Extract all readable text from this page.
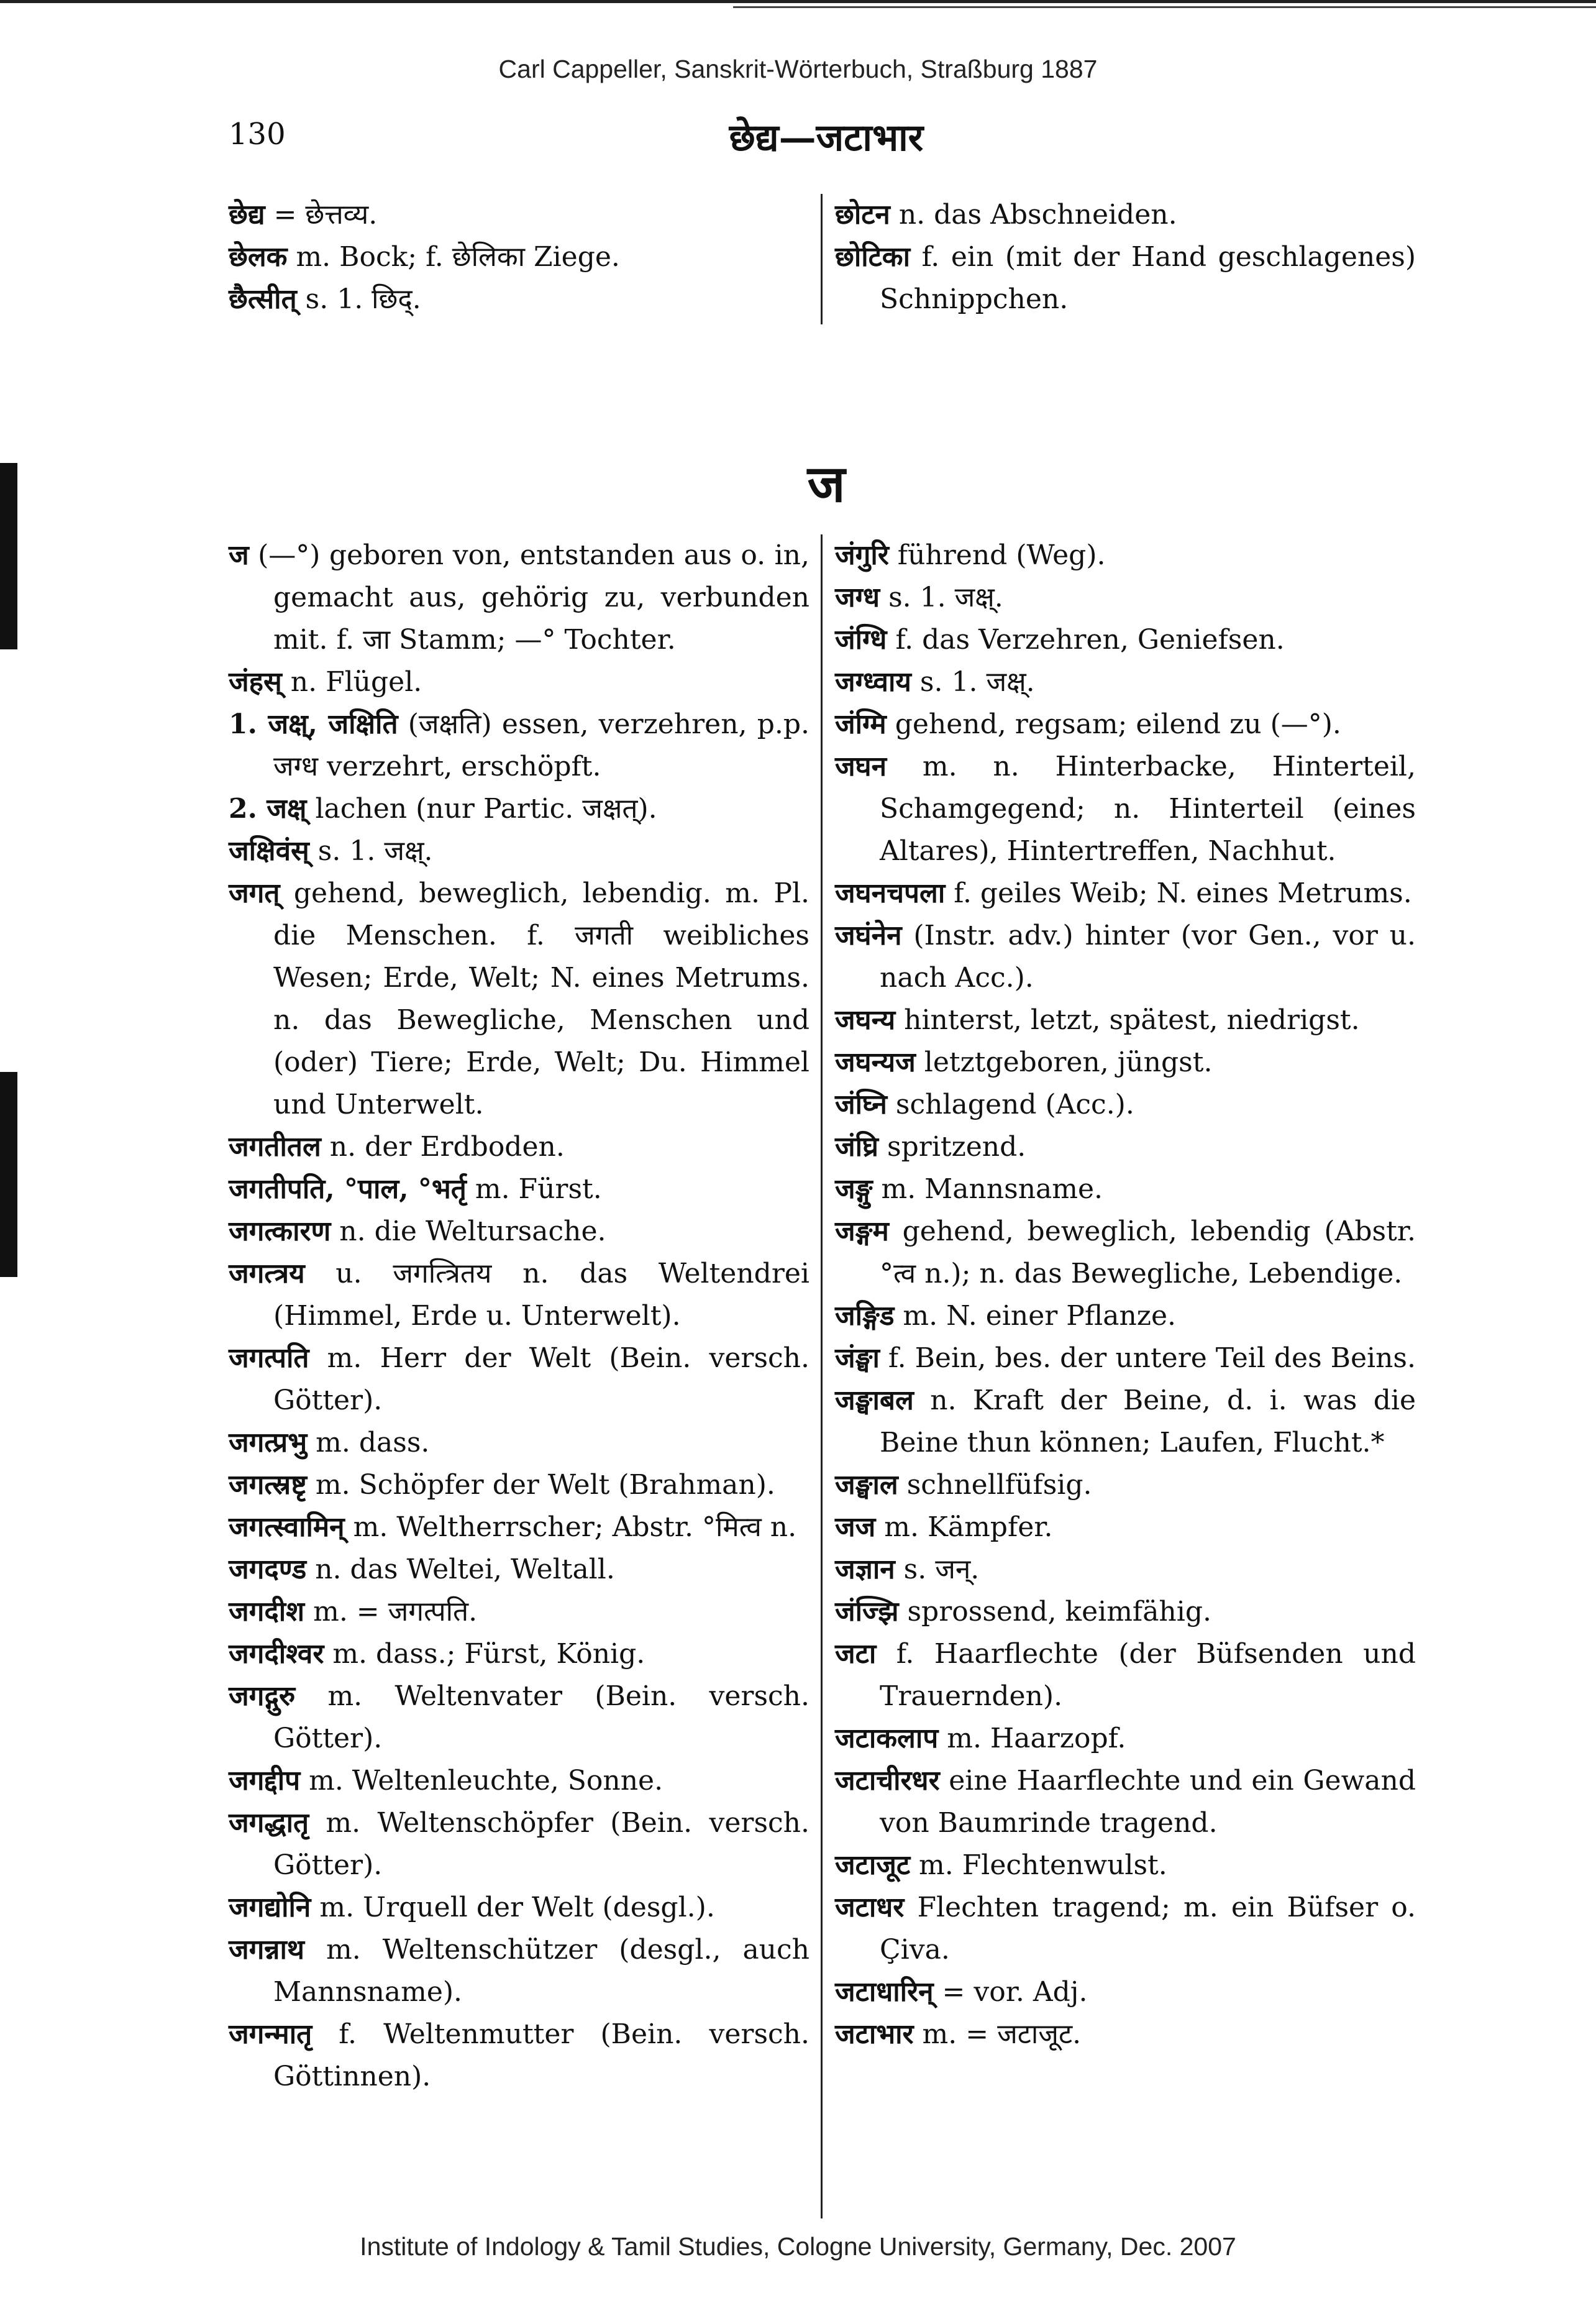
Carl Cappeller, Sanskrit-Wörterbuch, Straßburg 1887
130	छेद्य—जटाभार

छेद्य = छेत्तव्य.

छेलक m. Bock; f. छेलिका Ziege.

छैत्सीत् s. 1. छिद्.

छोटन n. das Abschneiden.

छोटिका f. ein (mit der Hand geschlagenes) Schnippchen.

ज

ज (—°) geboren von, entstanden aus o. in, gemacht aus, gehörig zu, verbunden mit. f. जा Stamm; —° Tochter.

जंहस् n. Flügel.

1. जक्ष्, जक्षिति (जक्षति) essen, verzehren, p.p. जग्ध verzehrt, erschöpft.

2. जक्ष् lachen (nur Partic. जक्षत्).

जक्षिवंस् s. 1. जक्ष्.

जगत् gehend, beweglich, lebendig. m. Pl. die Menschen. f. जगती weibliches Wesen; Erde, Welt; N. eines Metrums. n. das Bewegliche, Menschen und (oder) Tiere; Erde, Welt; Du. Himmel und Unterwelt.

जगतीतल n. der Erdboden.

जगतीपति, °पाल, °भर्तृ m. Fürst.

जगत्कारण n. die Weltursache.

जगत्त्रय u. जगत्त्रितय n. das Weltendrei (Himmel, Erde u. Unterwelt).

जगत्पति m. Herr der Welt (Bein. versch. Götter).

जगत्प्रभु m. dass.

जगत्स्रष्टृ m. Schöpfer der Welt (Brahman).

जगत्स्वामिन् m. Weltherrscher; Abstr. °मित्व n.

जगदण्ड n. das Weltei, Weltall.

जगदीश m. = जगत्पति.

जगदीश्वर m. dass.; Fürst, König.

जगद्गुरु m. Weltenvater (Bein. versch. Götter).

जगद्दीप m. Weltenleuchte, Sonne.

जगद्धातृ m. Weltenschöpfer (Bein. versch. Götter).

जगद्योनि m. Urquell der Welt (desgl.).

जगन्नाथ m. Weltenschützer (desgl., auch Mannsname).

जगन्मातृ f. Weltenmutter (Bein. versch. Göttinnen).

जंगुरि führend (Weg).

जग्ध s. 1. जक्ष्.

जंग्धि f. das Verzehren, Geniefsen.

जग्ध्वाय s. 1. जक्ष्.

जंग्मि gehend, regsam; eilend zu (—°).

जघन m. n. Hinterbacke, Hinterteil, Schamgegend; n. Hinterteil (eines Altares), Hintertreffen, Nachhut.

जघनचपला f. geiles Weib; N. eines Metrums.

जघंनेन (Instr. adv.) hinter (vor Gen., vor u. nach Acc.).

जघन्य hinterst, letzt, spätest, niedrigst.

जघन्यज letztgeboren, jüngst.

जंघ्नि schlagend (Acc.).

जंघ्रि spritzend.

जङ्गु m. Mannsname.

जङ्गम gehend, beweglich, lebendig (Abstr. °त्व n.); n. das Bewegliche, Lebendige.

जङ्गिड m. N. einer Pflanze.

जंङ्घा f. Bein, bes. der untere Teil des Beins.

जङ्घाबल n. Kraft der Beine, d. i. was die Beine thun können; Laufen, Flucht.*

जङ्घाल schnellfüfsig.

जज m. Kämpfer.

जज्ञान s. जन्.

जंज्झि sprossend, keimfähig.

जटा f. Haarflechte (der Büfsenden und Trauernden).

जटाकलाप m. Haarzopf.

जटाचीरधर eine Haarflechte und ein Gewand von Baumrinde tragend.

जटाजूट m. Flechtenwulst.

जटाधर Flechten tragend; m. ein Büfser o. Çiva.

जटाधारिन् = vor. Adj.

जटाभार m. = जटाजूट.

Institute of Indology & Tamil Studies, Cologne University, Germany, Dec. 2007
